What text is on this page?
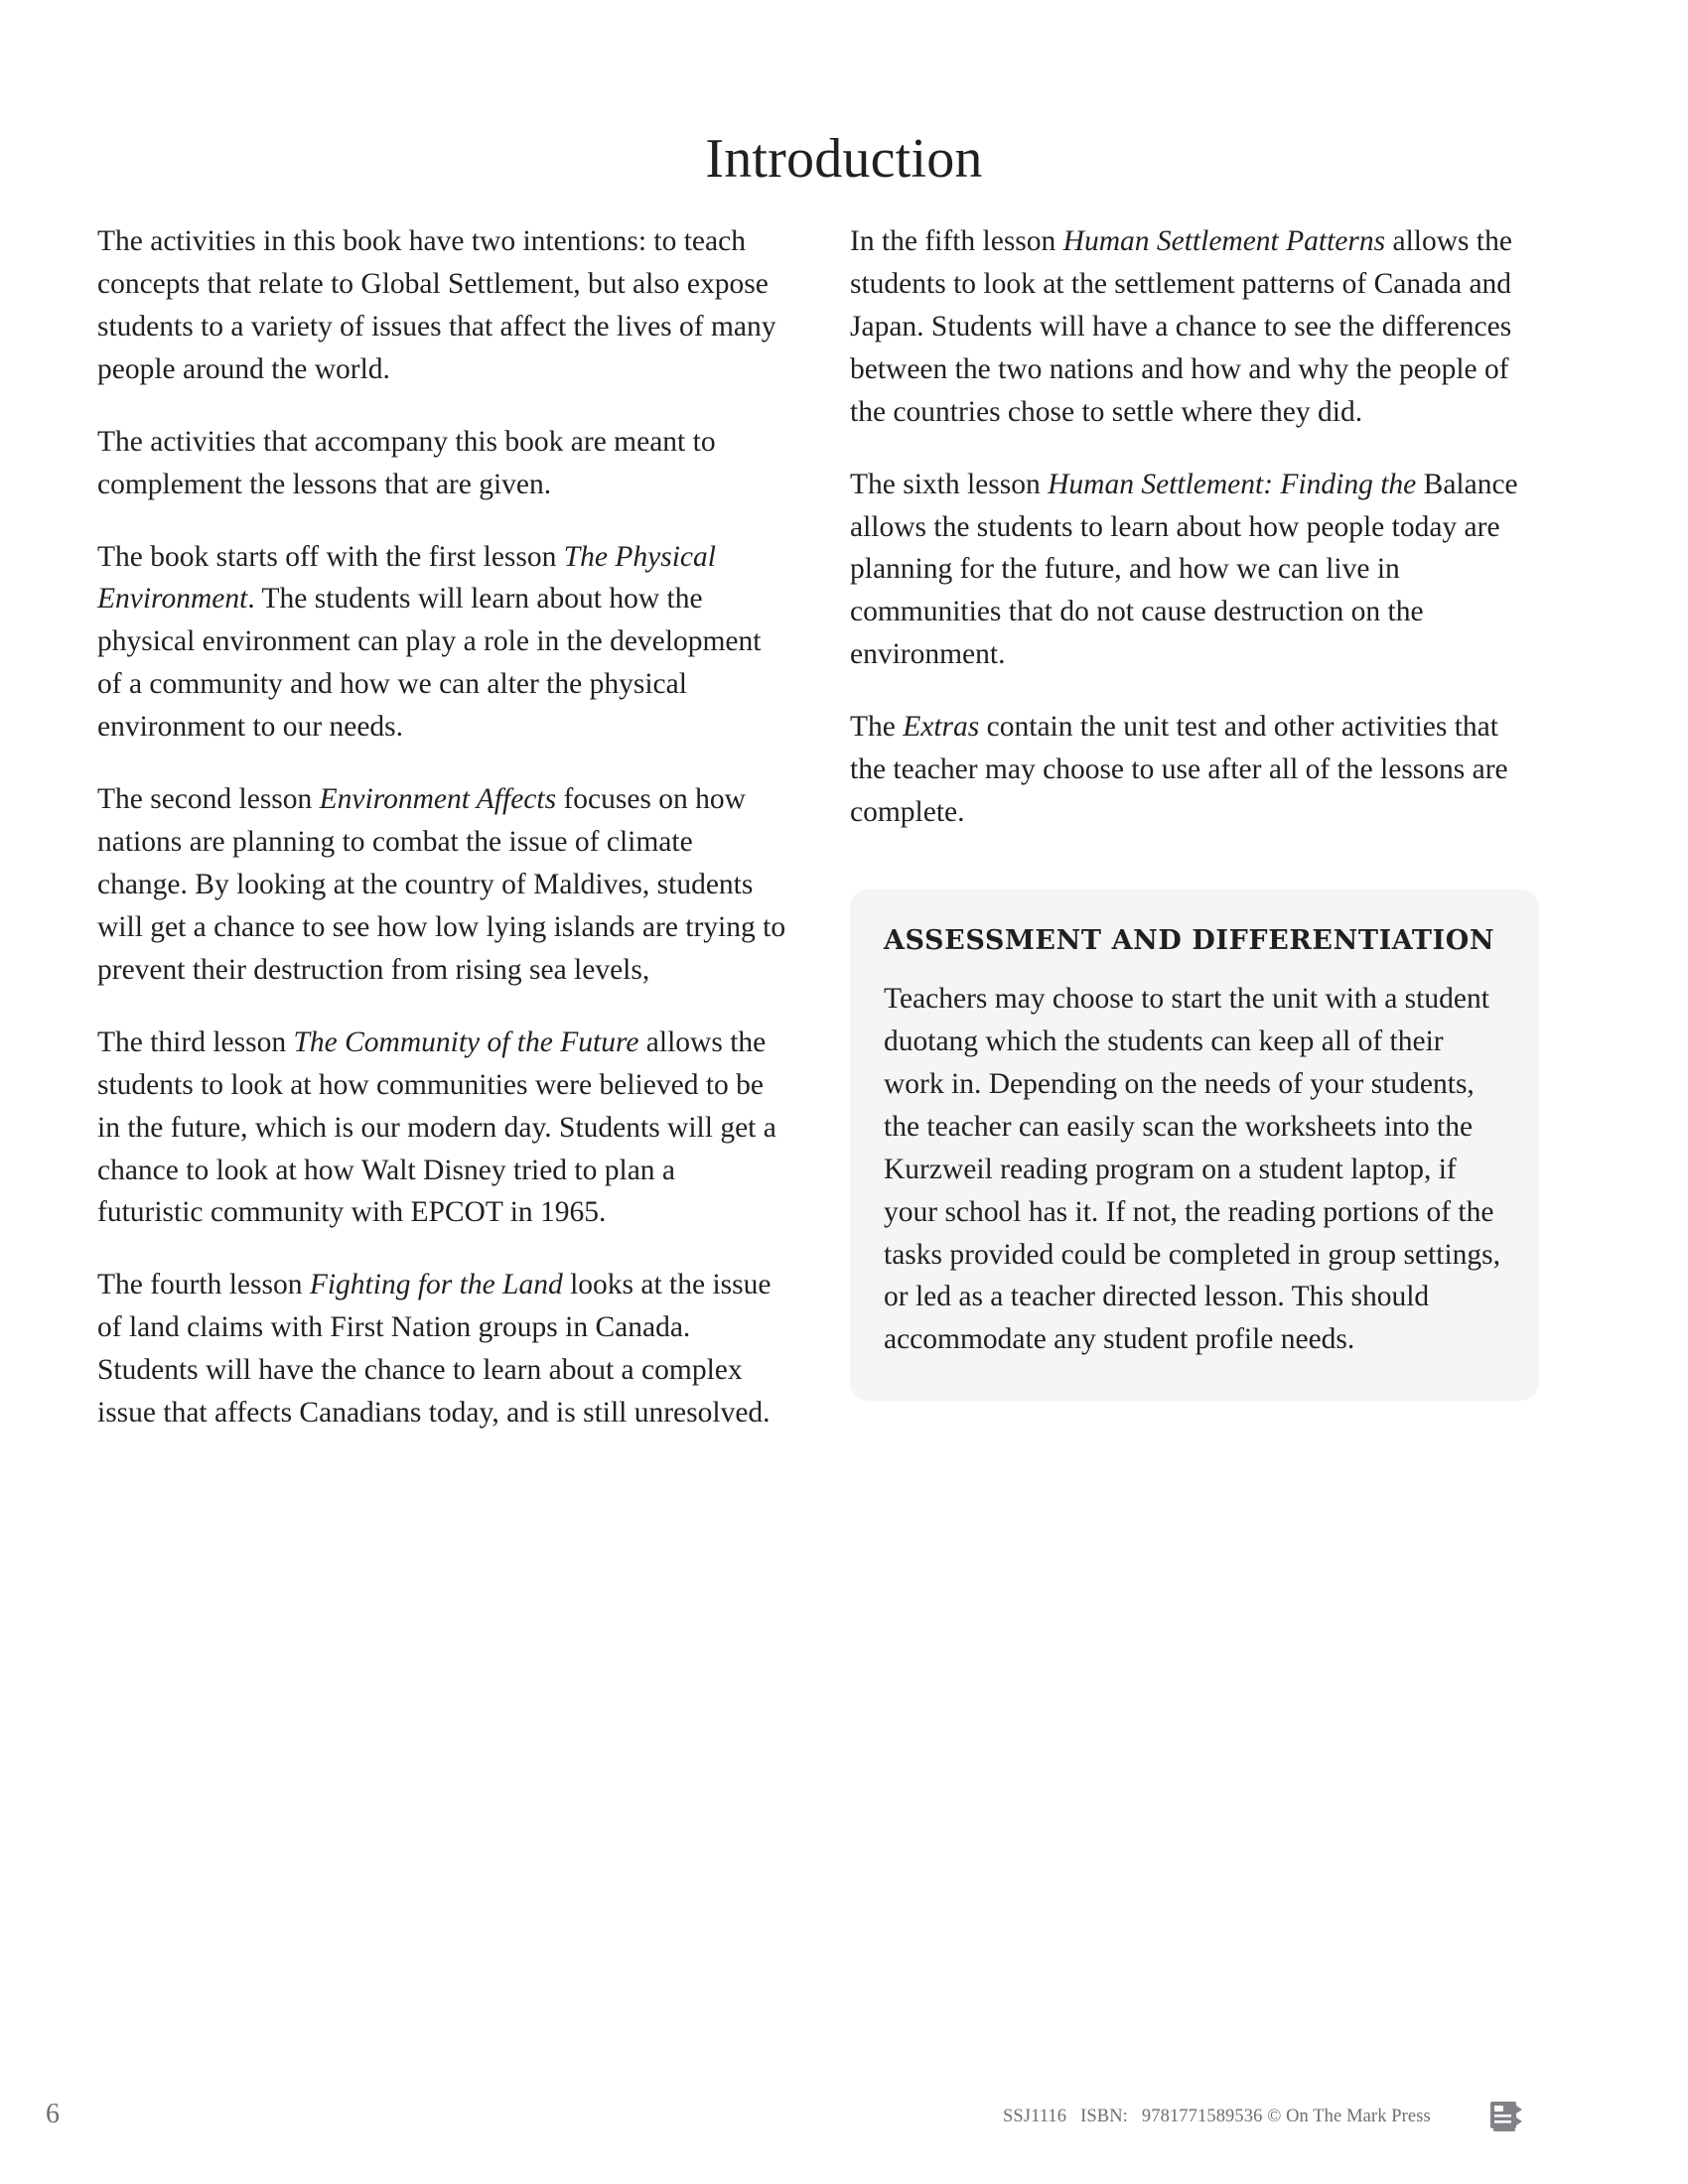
Introduction

The activities in this book have two intentions: to teach concepts that relate to Global Settlement, but also expose students to a variety of issues that affect the lives of many people around the world.

The activities that accompany this book are meant to complement the lessons that are given.

The book starts off with the first lesson The Physical Environment. The students will learn about how the physical environment can play a role in the development of a community and how we can alter the physical environment to our needs.

The second lesson Environment Affects focuses on how nations are planning to combat the issue of climate change. By looking at the country of Maldives, students will get a chance to see how low lying islands are trying to prevent their destruction from rising sea levels,

The third lesson The Community of the Future allows the students to look at how communities were believed to be in the future, which is our modern day. Students will get a chance to look at how Walt Disney tried to plan a futuristic community with EPCOT in 1965.

The fourth lesson Fighting for the Land looks at the issue of land claims with First Nation groups in Canada. Students will have the chance to learn about a complex issue that affects Canadians today, and is still unresolved.

In the fifth lesson Human Settlement Patterns allows the students to look at the settlement patterns of Canada and Japan. Students will have a chance to see the differences between the two nations and how and why the people of the countries chose to settle where they did.

The sixth lesson Human Settlement: Finding the Balance allows the students to learn about how people today are planning for the future, and how we can live in communities that do not cause destruction on the environment.

The Extras contain the unit test and other activities that the teacher may choose to use after all of the lessons are complete.

ASSESSMENT AND DIFFERENTIATION

Teachers may choose to start the unit with a student duotang which the students can keep all of their work in. Depending on the needs of your students, the teacher can easily scan the worksheets into the Kurzweil reading program on a student laptop, if your school has it. If not, the reading portions of the tasks provided could be completed in group settings, or led as a teacher directed lesson. This should accommodate any student profile needs.

6	SSJ1116 ISBN: 9781771589536 © On The Mark Press
